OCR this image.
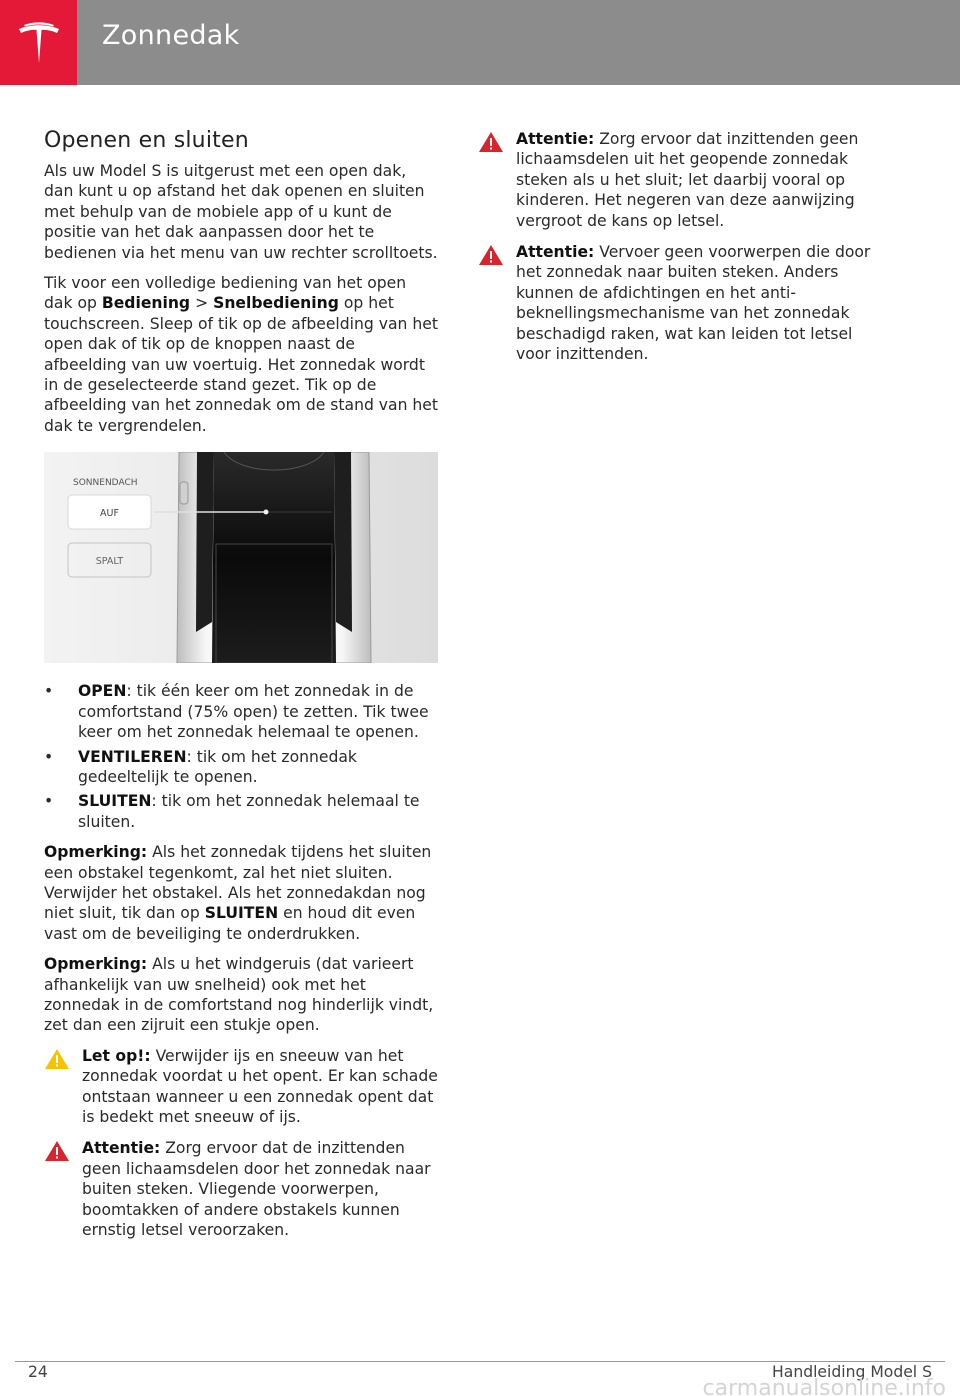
Zonnedak
Openen en sluiten

Als uw Model S is uitgerust met een open dak, dan kunt u op afstand het dak openen en sluiten met behulp van de mobiele app of u kunt de positie van het dak aanpassen door het te bedienen via het menu van uw rechter scrolltoets.

Tik voor een volledige bediening van het open dak op Bediening > Snelbediening op het touchscreen. Sleep of tik op de afbeelding van het open dak of tik op de knoppen naast de afbeelding van uw voertuig. Het zonnedak wordt in de geselecteerde stand gezet. Tik op de afbeelding van het zonnedak om de stand van het dak te vergrendelen.

SONNENDACH
AUF
SPALT
• OPEN: tik één keer om het zonnedak in de comfortstand (75% open) te zetten. Tik twee keer om het zonnedak helemaal te openen.
• VENTILEREN: tik om het zonnedak gedeeltelijk te openen.
• SLUITEN: tik om het zonnedak helemaal te sluiten.

Opmerking: Als het zonnedak tijdens het sluiten een obstakel tegenkomt, zal het niet sluiten. Verwijder het obstakel. Als het zonnedakdan nog niet sluit, tik dan op SLUITEN en houd dit even vast om de beveiliging te onderdrukken.

Opmerking: Als u het windgeruis (dat varieert afhankelijk van uw snelheid) ook met het zonnedak in de comfortstand nog hinderlijk vindt, zet dan een zijruit een stukje open.

Let op!: Verwijder ijs en sneeuw van het zonnedak voordat u het opent. Er kan schade ontstaan wanneer u een zonnedak opent dat is bedekt met sneeuw of ijs.

Attentie: Zorg ervoor dat de inzittenden geen lichaamsdelen door het zonnedak naar buiten steken. Vliegende voorwerpen, boomtakken of andere obstakels kunnen ernstig letsel veroorzaken.

Attentie: Zorg ervoor dat inzittenden geen lichaamsdelen uit het geopende zonnedak steken als u het sluit; let daarbij vooral op kinderen. Het negeren van deze aanwijzing vergroot de kans op letsel.

Attentie: Vervoer geen voorwerpen die door het zonnedak naar buiten steken. Anders kunnen de afdichtingen en het anti-beknellingsmechanisme van het zonnedak beschadigd raken, wat kan leiden tot letsel voor inzittenden.

24	Handleiding Model S
carmanualsonline.info
